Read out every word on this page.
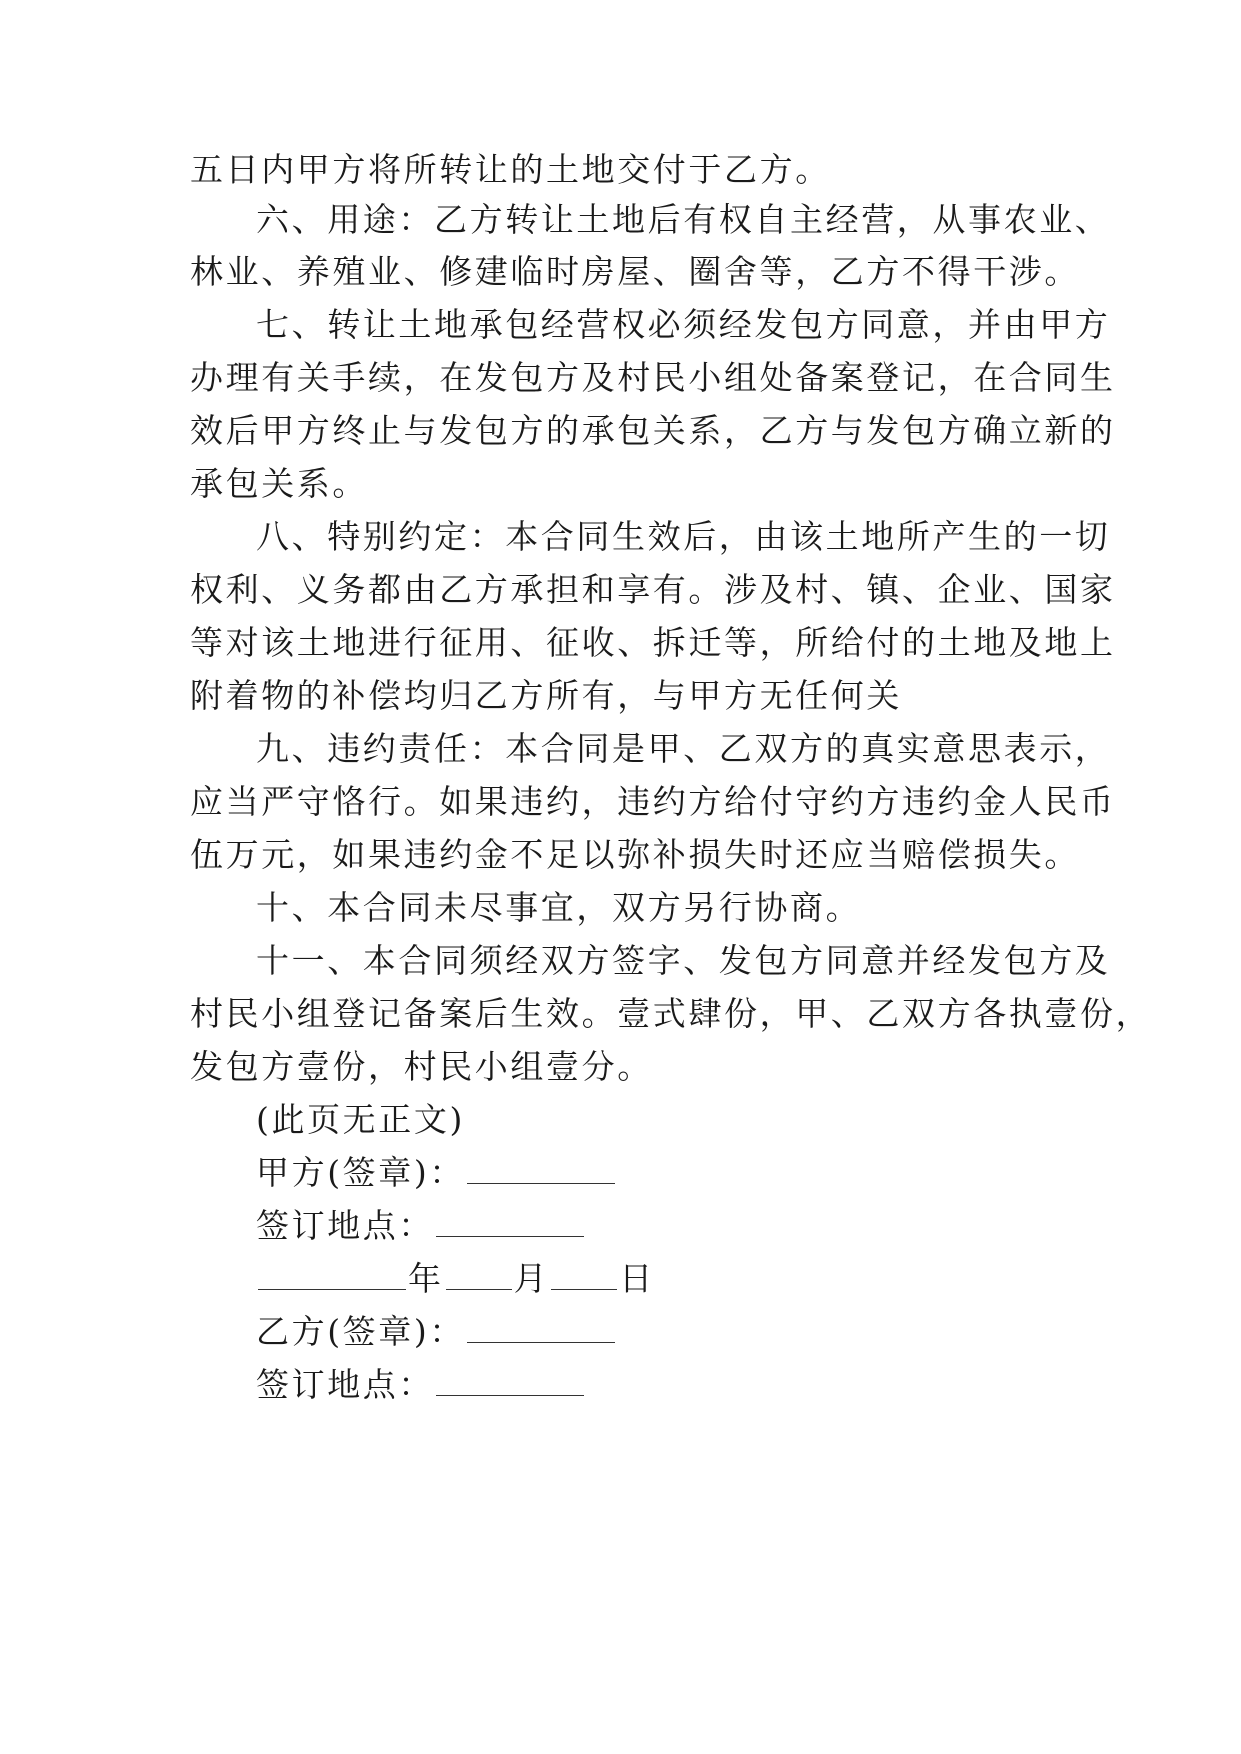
五日内甲方将所转让的土地交付于乙方。
六、用途：乙方转让土地后有权自主经营，从事农业、
林业、养殖业、修建临时房屋、圈舍等，乙方不得干涉。
七、转让土地承包经营权必须经发包方同意，并由甲方
办理有关手续，在发包方及村民小组处备案登记，在合同生
效后甲方终止与发包方的承包关系，乙方与发包方确立新的
承包关系。
八、特别约定：本合同生效后，由该土地所产生的一切
权利、义务都由乙方承担和享有。涉及村、镇、企业、国家
等对该土地进行征用、征收、拆迁等，所给付的土地及地上
附着物的补偿均归乙方所有，与甲方无任何关
九、违约责任：本合同是甲、乙双方的真实意思表示，
应当严守恪行。如果违约，违约方给付守约方违约金人民币
伍万元，如果违约金不足以弥补损失时还应当赔偿损失。
十、本合同未尽事宜，双方另行协商。
十一、本合同须经双方签字、发包方同意并经发包方及
村民小组登记备案后生效。壹式肆份，甲、乙双方各执壹份，
发包方壹份，村民小组壹分。
(此页无正文)
甲方(签章)：
签订地点：
年 月 日
乙方(签章)：
签订地点：
